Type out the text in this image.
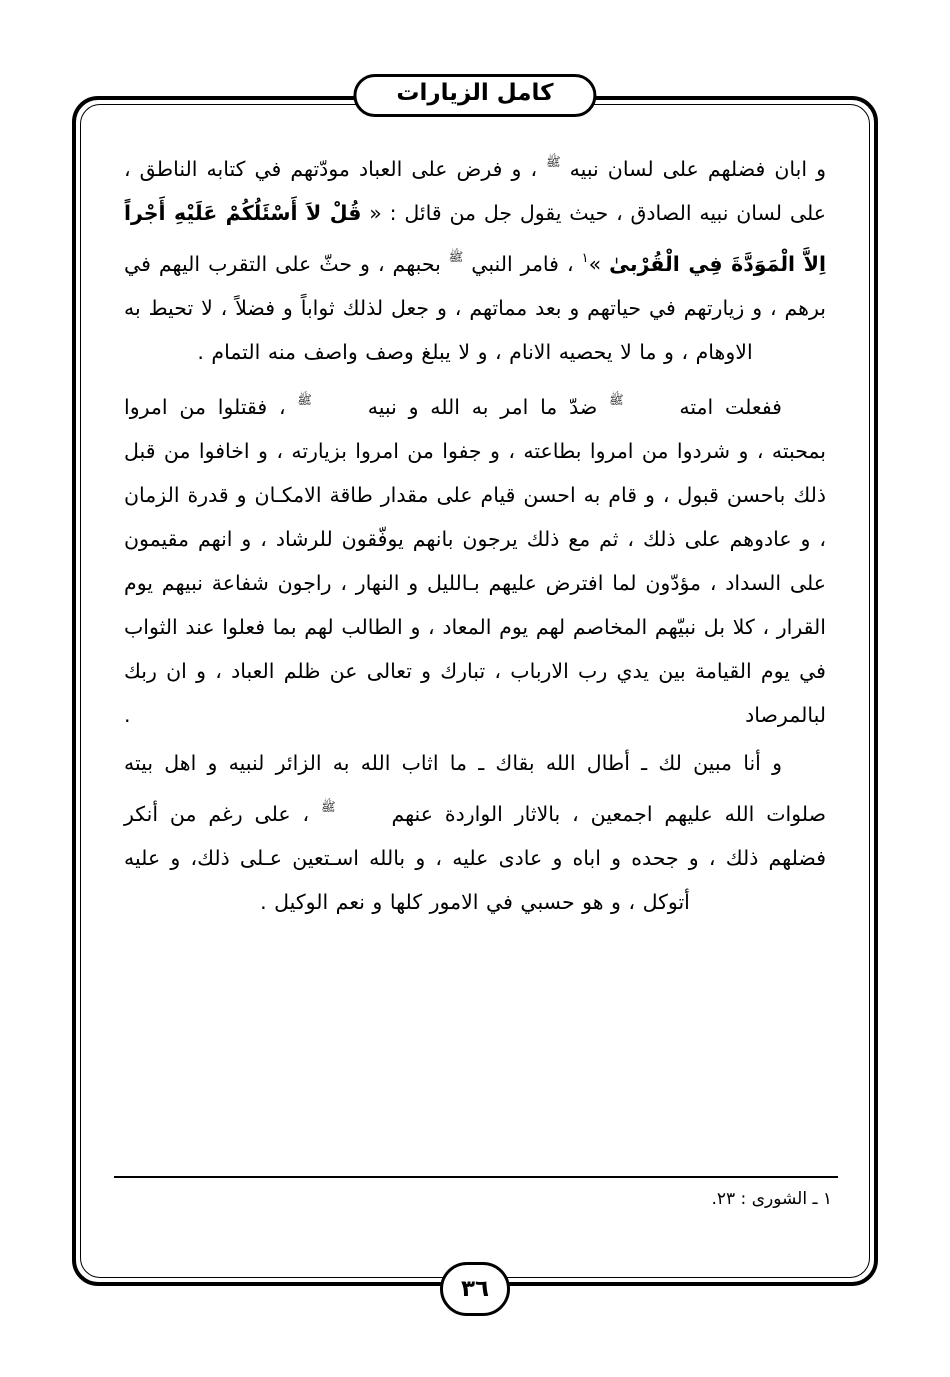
كامل الزيارات

و ابان فضلهم على لسان نبيه ﷺ ، و فرض على العباد مودّتهم في كتابه الناطق ، على لسان نبيه الصادق ، حيث يقول جل من قائل : « قُلْ لاَ أَسْئَلُكُمْ عَلَيْهِ أَجْراً اِلاَّ الْمَوَدَّةَ فِي الْقُرْبىٰ »$^١$ ، فامر النبي ﷺ بحبهم ، و حثّ على التقرب اليهم في برهم ، و زيارتهم في حياتهم و بعد مماتهم ، و جعل لذلك ثواباً و فضلاً ، لا تحيط به الاوهام ، و ما لا يحصيه الانام ، و لا يبلغ وصف واصف منه التمام .

ففعلت امته ﷺ ضدّ ما امر به الله و نبيه ﷺ ، فقتلوا من امروا بمحبته ، و شردوا من امروا بطاعته ، و جفوا من امروا بزيارته ، و اخافوا من قبل ذلك باحسن قبول ، و قام به احسن قيام على مقدار طاقة الامكـان و قدرة الزمان ، و عادوهم على ذلك ، ثم مع ذلك يرجون بانهم يوفّقون للرشاد ، و انهم مقيمون على السداد ، مؤدّون لما افترض عليهم بـالليل و النهار ، راجون شفاعة نبيهم يوم القرار ، كلا بل نبيّهم المخاصم لهم يوم المعاد ، و الطالب لهم بما فعلوا عند الثواب في يوم القيامة بين يدي رب الارباب ، تبارك و تعالى عن ظلم العباد ، و ان ربك لبالمرصاد .

و أنا مبين لك ـ أطال الله بقاك ـ ما اثاب الله به الزائر لنبيه و اهل بيته صلوات الله عليهم اجمعين ، بالاثار الواردة عنهم ﷺ ، على رغم من أنكر فضلهم ذلك ، و جحده و اباه و عادى عليه ، و بالله اسـتعين عـلى ذلك، و عليه أتوكل ، و هو حسبي في الامور كلها و نعم الوكيل .

١ ـ الشورى : ٢٣.
٣٦
